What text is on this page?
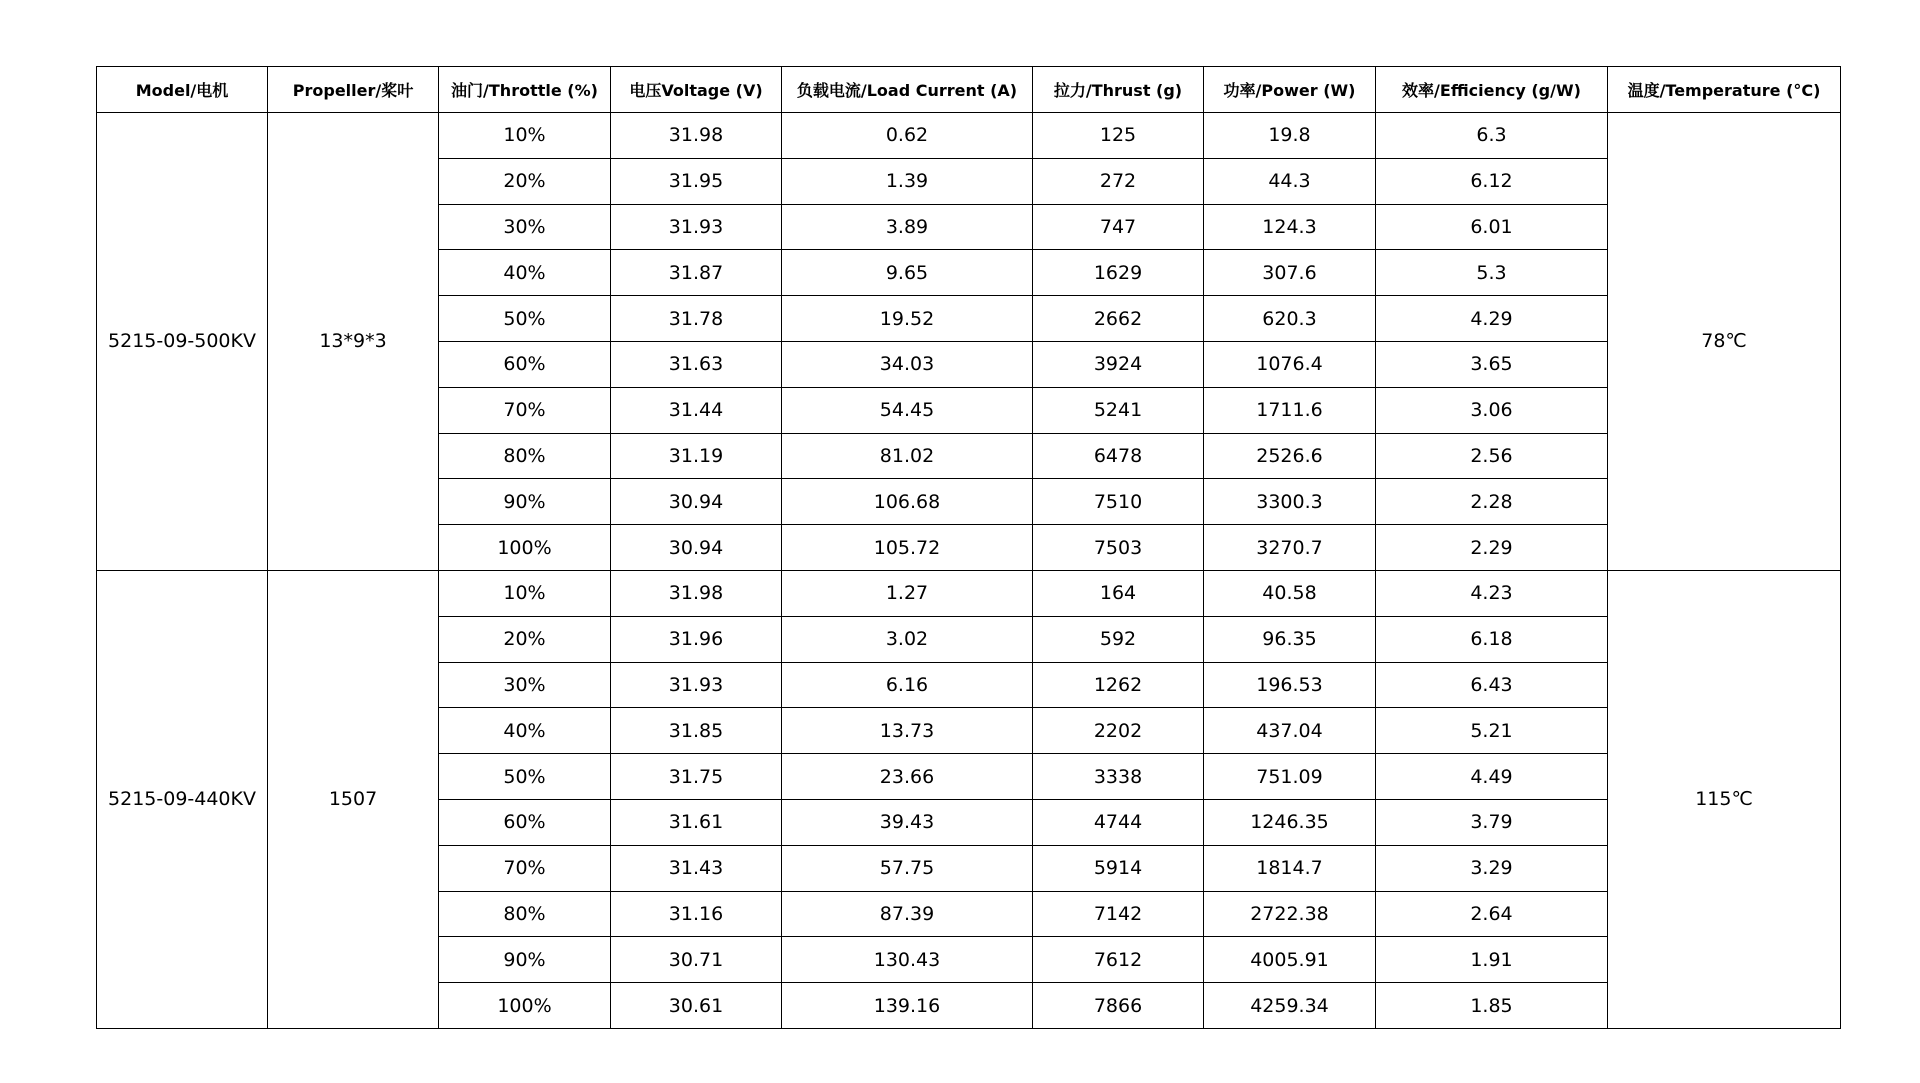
Model/电机	Propeller/桨叶	油门/Throttle (%)	电压Voltage (V)	负载电流/Load Current (A)	拉力/Thrust (g)	功率/Power (W)	效率/Efficiency (g/W)	温度/Temperature (°C)
5215-09-500KV	13*9*3	10%	31.98	0.62	125	19.8	6.3	78℃
		20%	31.95	1.39	272	44.3	6.12	
		30%	31.93	3.89	747	124.3	6.01	
		40%	31.87	9.65	1629	307.6	5.3	
		50%	31.78	19.52	2662	620.3	4.29	
		60%	31.63	34.03	3924	1076.4	3.65	
		70%	31.44	54.45	5241	1711.6	3.06	
		80%	31.19	81.02	6478	2526.6	2.56	
		90%	30.94	106.68	7510	3300.3	2.28	
		100%	30.94	105.72	7503	3270.7	2.29	
5215-09-440KV	1507	10%	31.98	1.27	164	40.58	4.23	115℃
		20%	31.96	3.02	592	96.35	6.18	
		30%	31.93	6.16	1262	196.53	6.43	
		40%	31.85	13.73	2202	437.04	5.21	
		50%	31.75	23.66	3338	751.09	4.49	
		60%	31.61	39.43	4744	1246.35	3.79	
		70%	31.43	57.75	5914	1814.7	3.29	
		80%	31.16	87.39	7142	2722.38	2.64	
		90%	30.71	130.43	7612	4005.91	1.91	
		100%	30.61	139.16	7866	4259.34	1.85	
